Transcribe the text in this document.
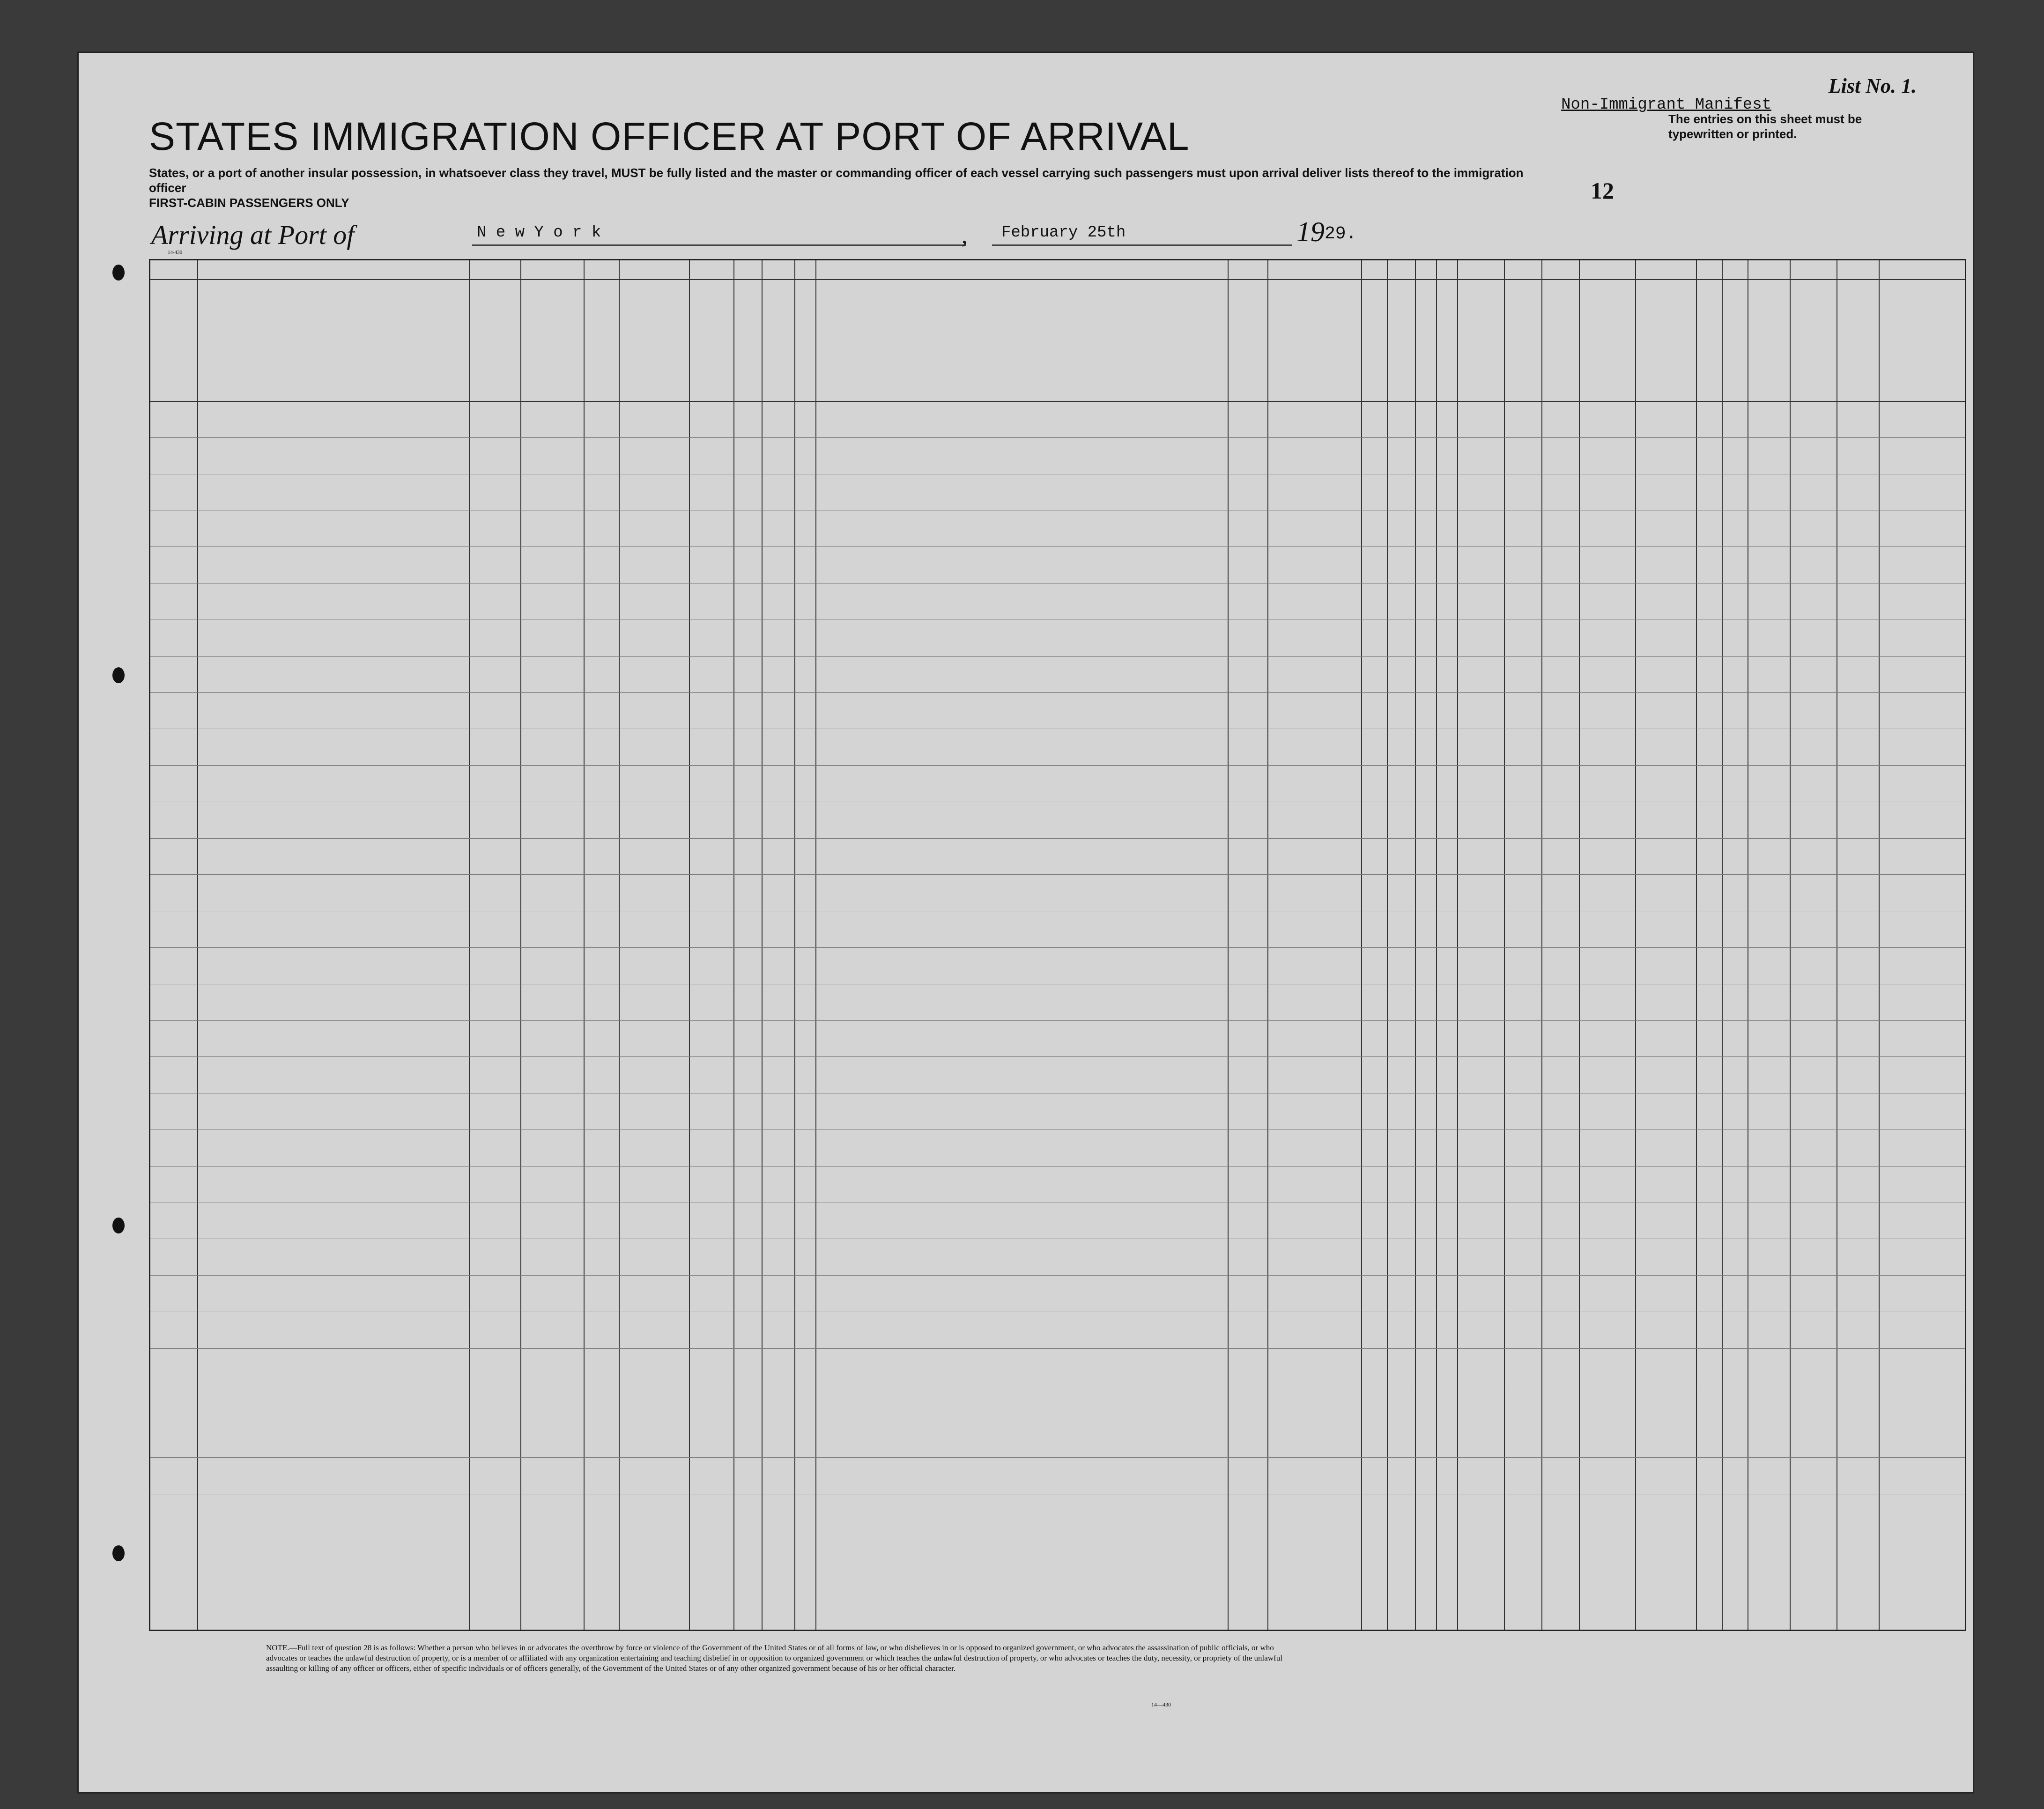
14-430
List No. 1.
Non-Immigrant Manifest
The entries on this sheet must be typewritten or printed.
STATES IMMIGRATION OFFICER AT PORT OF ARRIVAL
States, or a port of another insular possession, in whatsoever class they travel, MUST be fully listed and the master or commanding officer of each vessel carrying such passengers must upon arrival deliver lists thereof to the immigration officer
FIRST-CABIN PASSENGERS ONLY	12
Arriving at Port of	N e w Y o r k	,	February 25th	19 29.
NOTE.—Full text of question 28 is as follows: Whether a person who believes in or advocates the overthrow by force or violence of the Government of the United States or of all forms of law, or who disbelieves in or is opposed to organized government, or who advocates the assassination of public officials, or who advocates or teaches the unlawful destruction of property, or is a member of or affiliated with any organization entertaining and teaching disbelief in or opposition to organized government or which teaches the unlawful destruction of property, or who advocates or teaches the duty, necessity, or propriety of the unlawful assaulting or killing of any officer or officers, either of specific individuals or of officers generally, of the Government of the United States or of any other organized government because of his or her official character.
14—430
